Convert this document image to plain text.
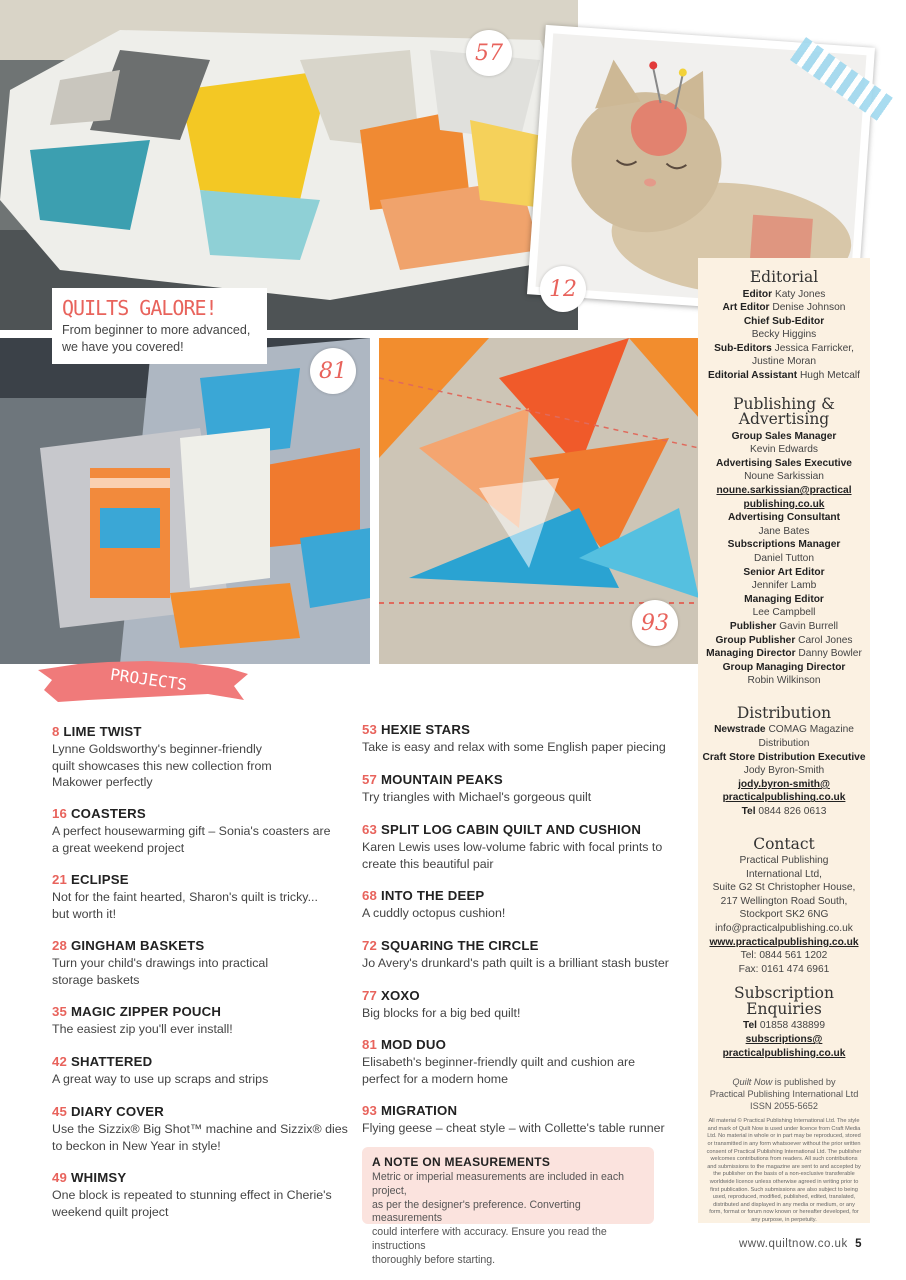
57
12
81
93
QUILTS GALORE!
From beginner to more advanced,
we have you covered!
PROJECTS
8 LIME TWIST
Lynne Goldsworthy's beginner-friendly
quilt showcases this new collection from
Makower perfectly
16 COASTERS
A perfect housewarming gift – Sonia's coasters are
a great weekend project
21 ECLIPSE
Not for the faint hearted, Sharon's quilt is tricky...
but worth it!
28 GINGHAM BASKETS
Turn your child's drawings into practical
storage baskets
35 MAGIC ZIPPER POUCH
The easiest zip you'll ever install!
42 SHATTERED
A great way to use up scraps and strips
45 DIARY COVER
Use the Sizzix® Big Shot™ machine and Sizzix® dies
to beckon in New Year in style!
49 WHIMSY
One block is repeated to stunning effect in Cherie's
weekend quilt project
53 HEXIE STARS
Take is easy and relax with some English paper piecing
57 MOUNTAIN PEAKS
Try triangles with Michael's gorgeous quilt
63 SPLIT LOG CABIN QUILT AND CUSHION
Karen Lewis uses low-volume fabric with focal prints to
create this beautiful pair
68 INTO THE DEEP
A cuddly octopus cushion!
72 SQUARING THE CIRCLE
Jo Avery's drunkard's path quilt is a brilliant stash buster
77 XOXO
Big blocks for a big bed quilt!
81 MOD DUO
Elisabeth's beginner-friendly quilt and cushion are
perfect for a modern home
93 MIGRATION
Flying geese – cheat style – with Collette's table runner
A NOTE ON MEASUREMENTS
Metric or imperial measurements are included in each project,
as per the designer's preference. Converting measurements
could interfere with accuracy. Ensure you read the instructions
thoroughly before starting.
Editorial
Editor Katy Jones
Art Editor Denise Johnson
Chief Sub-Editor
Becky Higgins
Sub-Editors Jessica Farricker,
Justine Moran
Editorial Assistant Hugh Metcalf
Publishing &
Advertising
Group Sales Manager
Kevin Edwards
Advertising Sales Executive
Noune Sarkissian
noune.sarkissian@practical
publishing.co.uk
Advertising Consultant
Jane Bates
Subscriptions Manager
Daniel Tutton
Senior Art Editor
Jennifer Lamb
Managing Editor
Lee Campbell
Publisher Gavin Burrell
Group Publisher Carol Jones
Managing Director Danny Bowler
Group Managing Director
Robin Wilkinson
Distribution
Newstrade COMAG Magazine
Distribution
Craft Store Distribution Executive
Jody Byron-Smith
jody.byron-smith@
practicalpublishing.co.uk
Tel 0844 826 0613
Contact
Practical Publishing
International Ltd,
Suite G2 St Christopher House,
217 Wellington Road South,
Stockport SK2 6NG
info@practicalpublishing.co.uk
www.practicalpublishing.co.uk
Tel: 0844 561 1202
Fax: 0161 474 6961
Subscription
Enquiries
Tel 01858 438899
subscriptions@
practicalpublishing.co.uk
Quilt Now is published by
Practical Publishing International Ltd
ISSN 2055-5652
All material © Practical Publishing International Ltd. The style and mark of Quilt Now is used under licence from Craft Media Ltd. No material in whole or in part may be reproduced, stored or transmitted in any form whatsoever without the prior written consent of Practical Publishing International Ltd. The publisher welcomes contributions from readers. All such contributions and submissions to the magazine are sent to and accepted by the publisher on the basis of a non-exclusive transferable worldwide licence unless otherwise agreed in writing prior to first publication. Such submissions are also subject to being used, reproduced, modified, published, edited, translated, distributed and displayed in any media or medium, or any form, format or forum now known or hereafter developed, for any purpose, in perpetuity.
www.quiltnow.co.uk 5
